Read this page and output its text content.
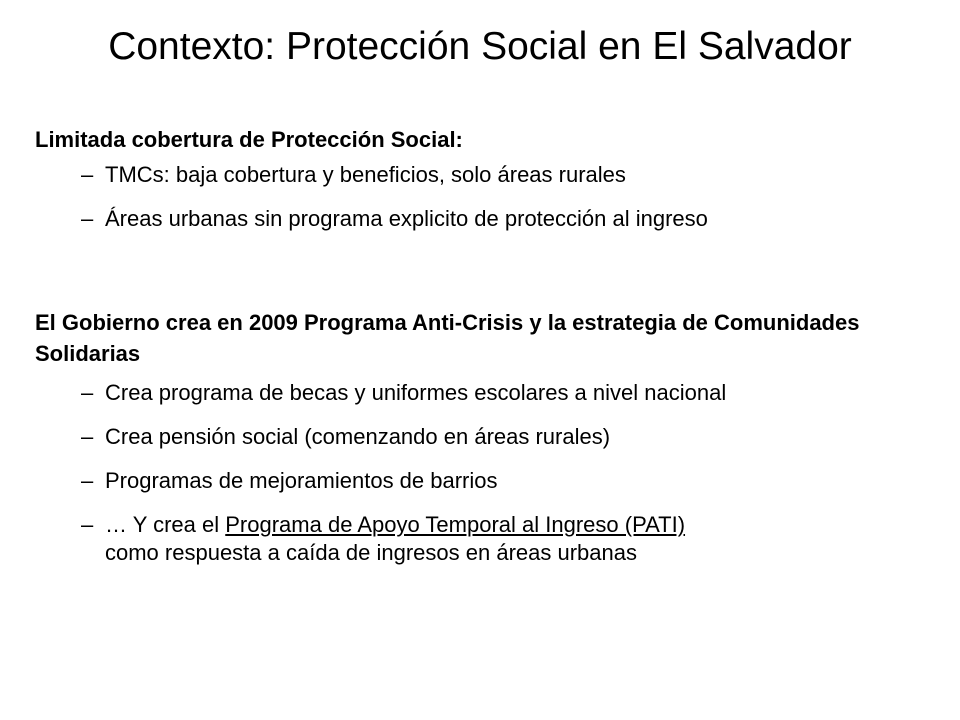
Contexto: Protección Social en El Salvador

Limitada cobertura de Protección Social:

– TMCs: baja cobertura y beneficios, solo áreas rurales
– Áreas urbanas sin programa explicito de protección al ingreso

El Gobierno crea en 2009 Programa Anti-Crisis y la estrategia de Comunidades Solidarias

– Crea programa de becas y uniformes escolares a nivel nacional
– Crea pensión social (comenzando en áreas rurales)
– Programas de mejoramientos de barrios
– … Y crea el Programa de Apoyo Temporal al Ingreso (PATI)
como respuesta a caída de ingresos en áreas urbanas
